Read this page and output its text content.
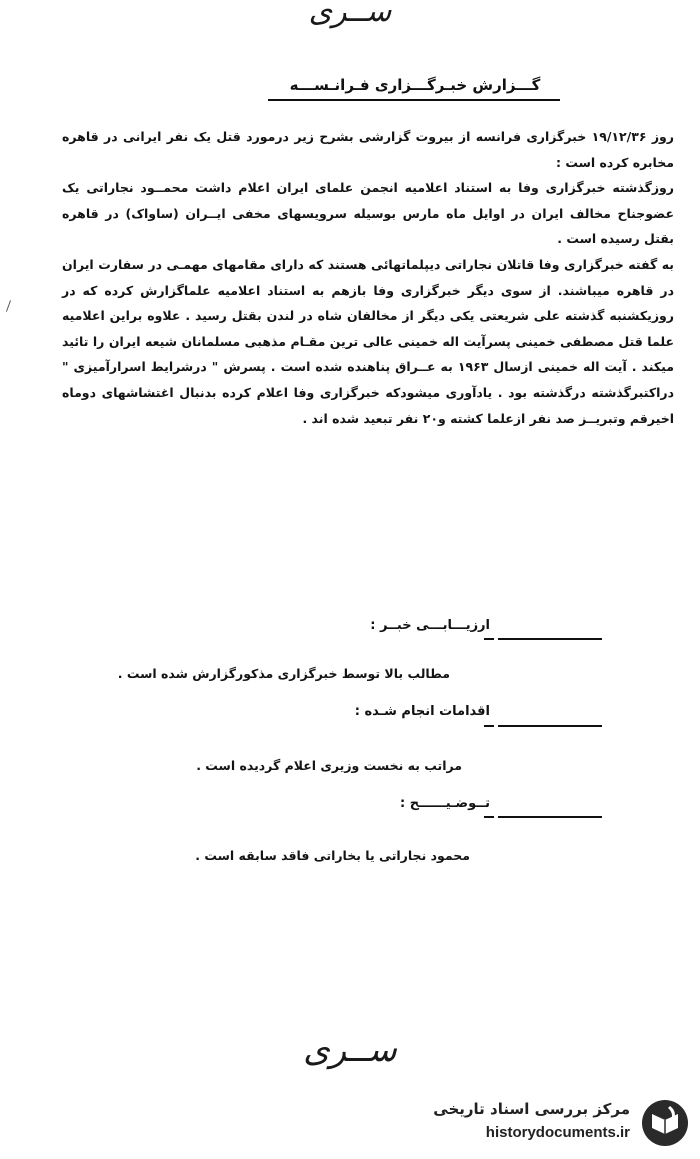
ســری
گـــزارش خبـرگـــزاری فـرانـســـه

روز ۱۹/۱۲/۳۶ خبرگزاری فرانسه از بیروت گزارشی بشرح زیر درمورد قتل یک نفر ایرانی در قاهره مخابره کرده است :

روزگذشته خبرگزاری وفا به استناد اعلامیه انجمن علمای ایران اعلام داشت محمــود نجاراتی یک عضوجناح مخالف ایران در اوایل ماه مارس بوسیله سرویسهای مخفی ایــران (ساواک) در قاهره بقتل رسیده است .

به گفته خبرگزاری وفا قاتلان نجاراتی دیپلماتهائی هستند که دارای مقامهای مهمـی در سفارت ایران در قاهره میباشند. از سوی دیگر خبرگزاری وفا بازهم به استناد اعلامیه علماگزارش کرده که در روزیکشنبه گذشته علی شریعتی یکی دیگر از مخالفان شاه در لندن بقتل رسید . علاوه براین اعلامیه علما قتل مصطفی خمینی پسرآیت اله خمینی عالی ترین مقـام مذهبی مسلمانان شیعه ایران را تائید میکند . آیت اله خمینی ازسال ۱۹۶۳ به عــراق پناهنده شده است . پسرش " درشرایط اسرارآمیزی " دراکتبرگذشته درگذشته بود . یادآوری میشودکه خبرگزاری وفا اعلام کرده بدنبال اغتشاشهای دوماه اخیرقم وتبریــز صد نفر ازعلما کشته و۲۰ نفر تبعید شده اند .

ارزیـــابـــی خبــر :
مطالب بالا توسط خبرگزاری مذکورگزارش شده است .
اقدامات انجام شـده :
مراتب به نخست وزیری اعلام گردیده است .
تــوضـیــــــح :
محمود نجاراتی یا بخاراتی فاقد سابقه است .
ســری
مرکز بررسی اسناد تاریخی
historydocuments.ir
